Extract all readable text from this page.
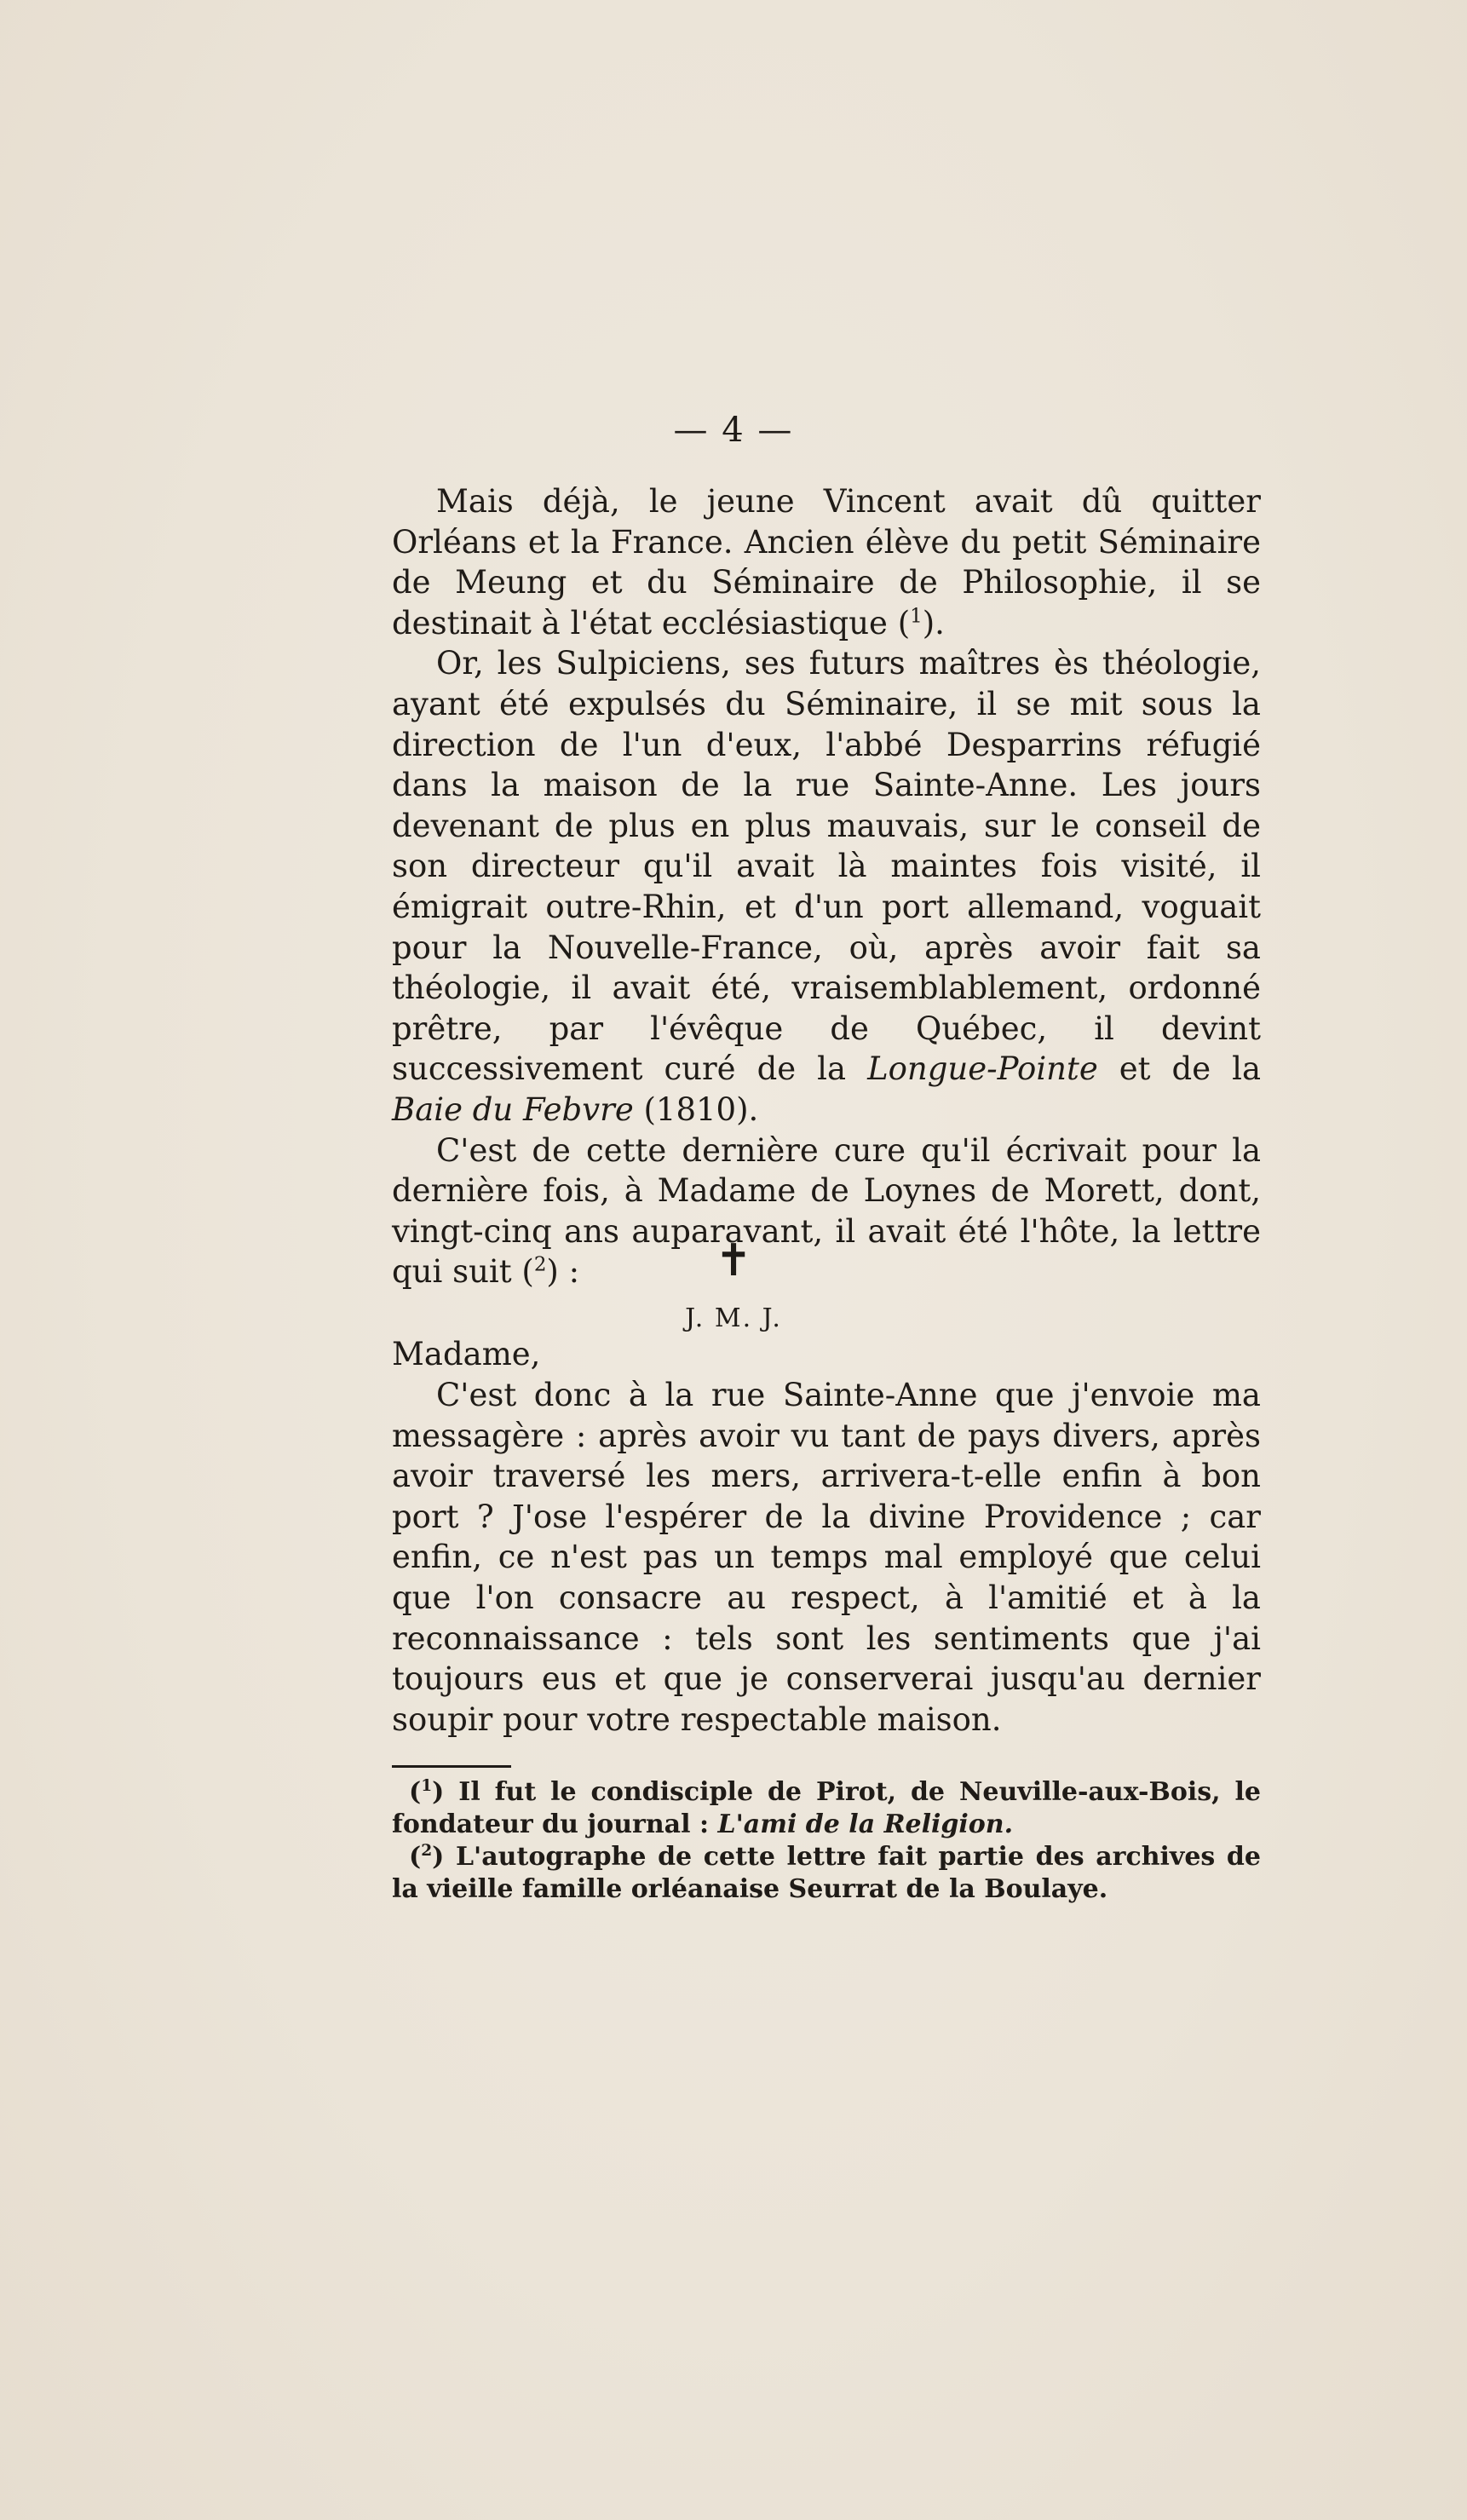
— 4 —

Mais déjà, le jeune Vincent avait dû quitter Orléans et la France. Ancien élève du petit Séminaire de Meung et du Séminaire de Philosophie, il se destinait à l'état ecclésiastique ($^1$).

Or, les Sulpiciens, ses futurs maîtres ès théologie, ayant été expulsés du Séminaire, il se mit sous la direction de l'un d'eux, l'abbé Desparrins réfugié dans la maison de la rue Sainte-Anne. Les jours devenant de plus en plus mauvais, sur le conseil de son directeur qu'il avait là maintes fois visité, il émigrait outre-Rhin, et d'un port allemand, voguait pour la Nouvelle-France, où, après avoir fait sa théologie, il avait été, vraisemblablement, ordonné prêtre, par l'évêque de Québec, il devint successivement curé de la Longue-Pointe et de la Baie du Febvre (1810).

C'est de cette dernière cure qu'il écrivait pour la dernière fois, à Madame de Loynes de Morett, dont, vingt-cinq ans auparavant, il avait été l'hôte, la lettre qui suit ($^2$) :	✝
J. M. J.
Madame,

C'est donc à la rue Sainte-Anne que j'envoie ma messagère : après avoir vu tant de pays divers, après avoir traversé les mers, arrivera-t-elle enfin à bon port ? J'ose l'espérer de la divine Providence ; car enfin, ce n'est pas un temps mal employé que celui que l'on consacre au respect, à l'amitié et à la reconnaissance : tels sont les sentiments que j'ai toujours eus et que je conserverai jusqu'au dernier soupir pour votre respectable maison.

($^1$) Il fut le condisciple de Pirot, de Neuville-aux-Bois, le fondateur du journal : L'ami de la Religion.

($^2$) L'autographe de cette lettre fait partie des archives de la vieille famille orléanaise Seurrat de la Boulaye.
